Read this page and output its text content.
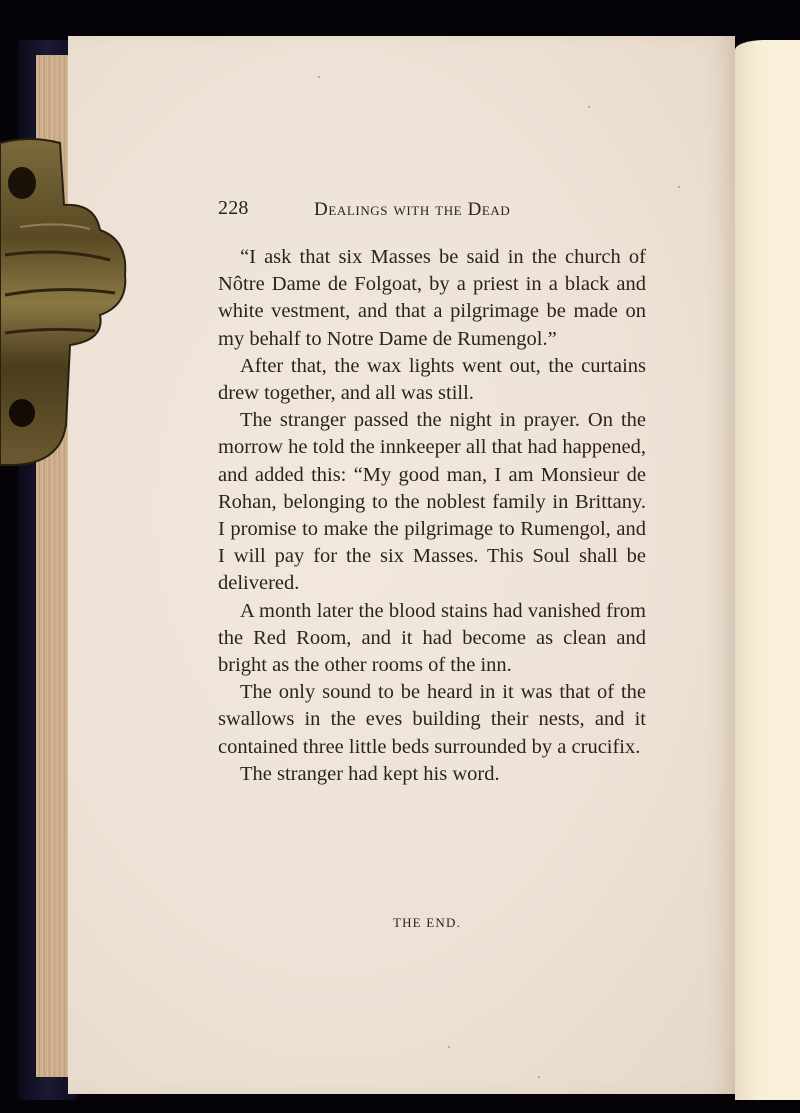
228	Dealings with the Dead

“I ask that six Masses be said in the church of Nôtre Dame de Folgoat, by a priest in a black and white vestment, and that a pilgrimage be made on my behalf to Notre Dame de Rumengol.”

After that, the wax lights went out, the curtains drew together, and all was still.

The stranger passed the night in prayer. On the morrow he told the innkeeper all that had happened, and added this: “My good man, I am Monsieur de Rohan, belonging to the noblest family in Brittany. I promise to make the pilgrimage to Rumengol, and I will pay for the six Masses. This Soul shall be delivered.

A month later the blood stains had vanished from the Red Room, and it had become as clean and bright as the other rooms of the inn.

The only sound to be heard in it was that of the swallows in the eves building their nests, and it contained three little beds surrounded by a crucifix.

The stranger had kept his word.

THE END.
